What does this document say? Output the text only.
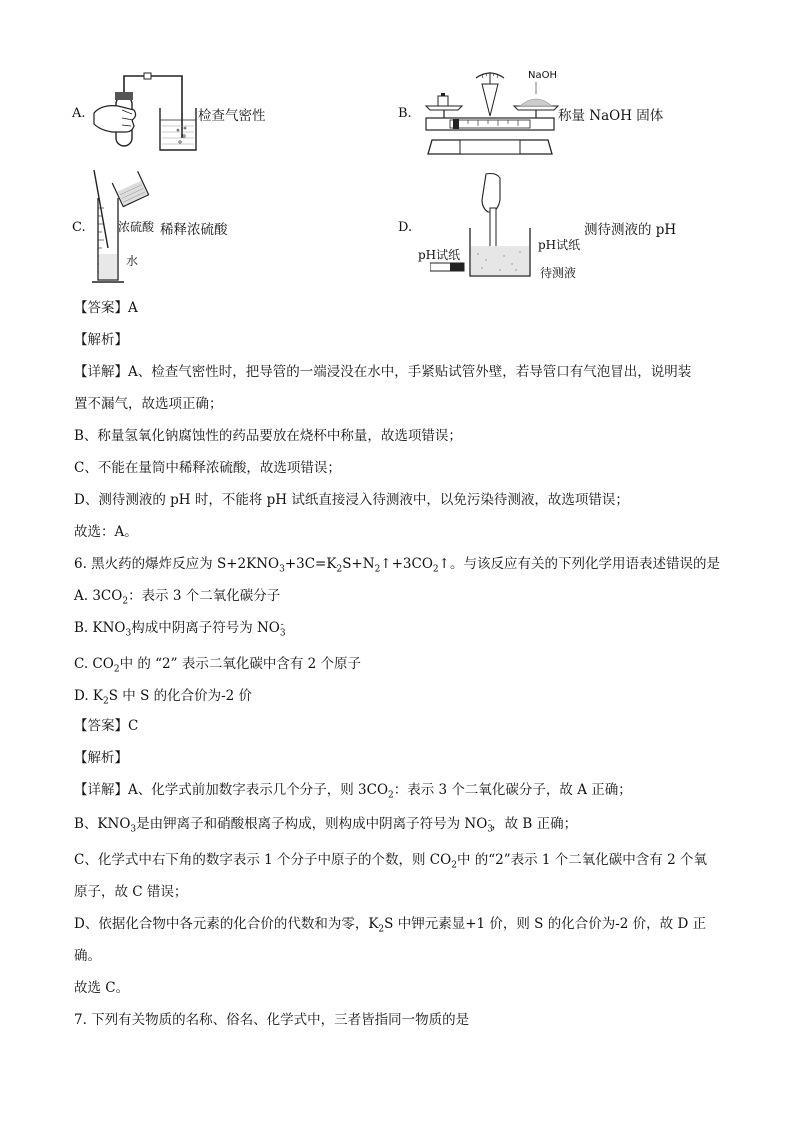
A.	检查气密性	B.
NaOH
称量 NaOH 固体
C.	浓硫酸 稀释浓硫酸
水
D.
pH试纸
pH试纸
待测液
测待测液的 pH
【答案】A
【解析】
【详解】A、检查气密性时，把导管的一端浸没在水中，手紧贴试管外壁，若导管口有气泡冒出，说明装
置不漏气，故选项正确；
B、称量氢氧化钠腐蚀性的药品要放在烧杯中称量，故选项错误；
C、不能在量筒中稀释浓硫酸，故选项错误；
D、测待测液的 pH 时，不能将 pH 试纸直接浸入待测液中，以免污染待测液，故选项错误；
故选：A。
6. 黑火药的爆炸反应为 $S+2KNO_3+3C=K_2S+N_2↑+3CO_2↑$。与该反应有关的下列化学用语表述错误的是
A. $3CO_2$：表示 3 个二氧化碳分子
B. $KNO_3$构成中阴离子符号为 $NO_3^-$
C. $CO_2$中 的 “2” 表示二氧化碳中含有 2 个原子
D. $K_2S$ 中 S 的化合价为-2 价
【答案】C
【解析】
【详解】A、化学式前加数字表示几个分子，则 $3CO_2$：表示 3 个二氧化碳分子，故 A 正确；
B、$KNO_3$是由钾离子和硝酸根离子构成，则构成中阴离子符号为 $NO_3^-$，故 B 正确；
C、化学式中右下角的数字表示 1 个分子中原子的个数，则 $CO_2$中 的“2”表示 1 个二氧化碳中含有 2 个氧
原子，故 C 错误；
D、依据化合物中各元素的化合价的代数和为零，$K_2S$ 中钾元素显+1 价，则 S 的化合价为-2 价，故 D 正
确。
故选 C。
7. 下列有关物质的名称、俗名、化学式中，三者皆指同一物质的是
